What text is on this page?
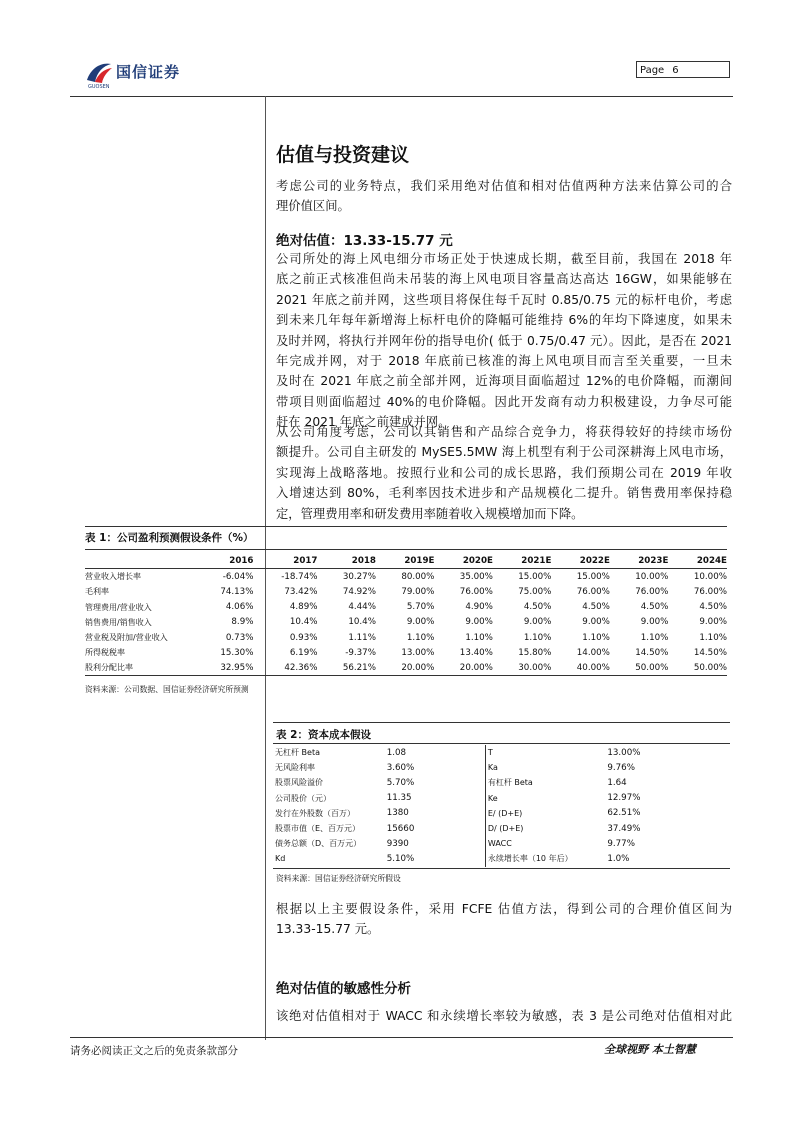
国信证券
GUOSEN
Page 6
估值与投资建议
考虑公司的业务特点，我们采用绝对估值和相对估值两种方法来估算公司的合
理价值区间。
绝对估值：13.33-15.77 元
公司所处的海上风电细分市场正处于快速成长期，截至目前，我国在 2018 年
底之前正式核准但尚未吊装的海上风电项目容量高达高达 16GW，如果能够在
2021 年底之前并网，这些项目将保住每千瓦时 0.85/0.75 元的标杆电价，考虑
到未来几年每年新增海上标杆电价的降幅可能维持 6%的年均下降速度，如果未
及时并网，将执行并网年份的指导电价( 低于 0.75/0.47 元）。因此，是否在 2021
年完成并网，对于 2018 年底前已核准的海上风电项目而言至关重要，一旦未
及时在 2021 年底之前全部并网，近海项目面临超过 12%的电价降幅，而潮间
带项目则面临超过 40%的电价降幅。因此开发商有动力积极建设，力争尽可能
赶在 2021 年底之前建成并网。
从公司角度考虑，公司以其销售和产品综合竞争力，将获得较好的持续市场份
额提升。公司自主研发的 MySE5.5MW 海上机型有利于公司深耕海上风电市场，
实现海上战略落地。按照行业和公司的成长思路，我们预期公司在 2019 年收
入增速达到 80%，毛利率因技术进步和产品规模化二提升。销售费用率保持稳
定，管理费用率和研发费用率随着收入规模增加而下降。
表 1：公司盈利预测假设条件（%）
	2016	2017	2018	2019E	2020E	2021E	2022E	2023E	2024E
营业收入增长率	-6.04%	-18.74%	30.27%	80.00%	35.00%	15.00%	15.00%	10.00%	10.00%
毛利率	74.13%	73.42%	74.92%	79.00%	76.00%	75.00%	76.00%	76.00%	76.00%
管理费用/营业收入	4.06%	4.89%	4.44%	5.70%	4.90%	4.50%	4.50%	4.50%	4.50%
销售费用/销售收入	8.9%	10.4%	10.4%	9.00%	9.00%	9.00%	9.00%	9.00%	9.00%
营业税及附加/营业收入	0.73%	0.93%	1.11%	1.10%	1.10%	1.10%	1.10%	1.10%	1.10%
所得税税率	15.30%	6.19%	-9.37%	13.00%	13.40%	15.80%	14.00%	14.50%	14.50%
股利分配比率	32.95%	42.36%	56.21%	20.00%	20.00%	30.00%	40.00%	50.00%	50.00%
资料来源：公司数据、国信证券经济研究所预测
表 2：资本成本假设
无杠杆 Beta	1.08	T	13.00%
无风险利率	3.60%	Ka	9.76%
股票风险溢价	5.70%	有杠杆 Beta	1.64
公司股价（元）	11.35	Ke	12.97%
发行在外股数（百万）	1380	E/ (D+E)	62.51%
股票市值（E、百万元）	15660	D/ (D+E)	37.49%
债务总额（D、百万元）	9390	WACC	9.77%
Kd	5.10%	永续增长率（10 年后）	1.0%
资料来源：国信证券经济研究所假设
根据以上主要假设条件，采用 FCFE 估值方法，得到公司的合理价值区间为
13.33-15.77 元。
绝对估值的敏感性分析
该绝对估值相对于 WACC 和永续增长率较为敏感，表 3 是公司绝对估值相对此
请务必阅读正文之后的免责条款部分	全球视野 本土智慧
